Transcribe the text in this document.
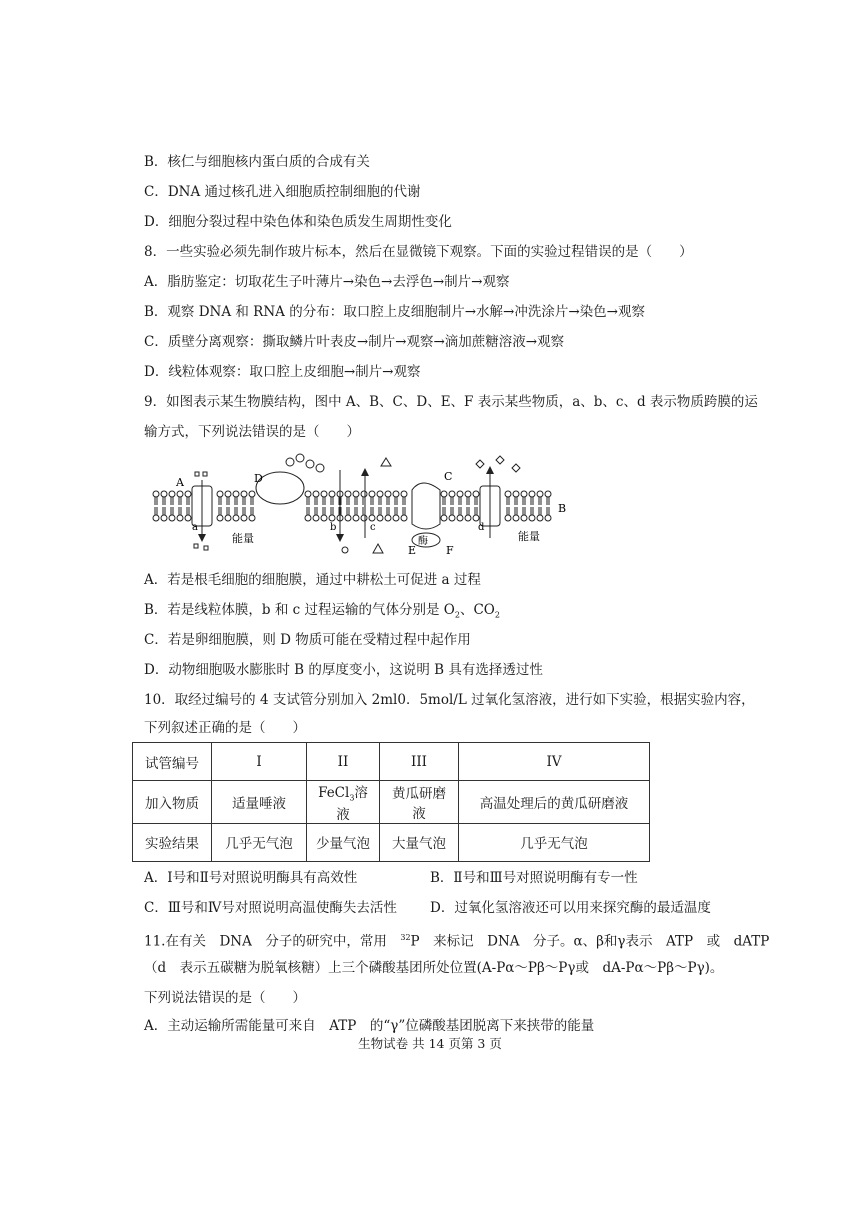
B．核仁与细胞核内蛋白质的合成有关
C．DNA 通过核孔进入细胞质控制细胞的代谢
D．细胞分裂过程中染色体和染色质发生周期性变化
8．一些实验必须先制作玻片标本，然后在显微镜下观察。下面的实验过程错误的是（　　）
A．脂肪鉴定：切取花生子叶薄片→染色→去浮色→制片→观察
B．观察 DNA 和 RNA 的分布：取口腔上皮细胞制片→水解→冲洗涂片→染色→观察
C．质壁分离观察：撕取鳞片叶表皮→制片→观察→滴加蔗糖溶液→观察
D．线粒体观察：取口腔上皮细胞→制片→观察
9．如图表示某生物膜结构，图中 A、B、C、D、E、F 表示某些物质，a、b、c、d 表示物质跨膜的运
输方式，下列说法错误的是（　　）
A	D	C
B
E	F
a	b	c	d
酶
能量	能量
A．若是根毛细胞的细胞膜，通过中耕松土可促进 a 过程
B．若是线粒体膜，b 和 c 过程运输的气体分别是 $O_2$、$CO_2$
C．若是卵细胞膜，则 D 物质可能在受精过程中起作用
D．动物细胞吸水膨胀时 B 的厚度变小，这说明 B 具有选择透过性
10．取经过编号的 4 支试管分别加入 2ml0．5mol/L 过氧化氢溶液，进行如下实验，根据实验内容，
下列叙述正确的是（　　）
试管编号	I	II	III	IV
加入物质	适量唾液	FeCl$_3$溶液	黄瓜研磨液	高温处理后的黄瓜研磨液
实验结果	几乎无气泡	少量气泡	大量气泡	几乎无气泡
A．Ⅰ号和Ⅱ号对照说明酶具有高效性	B．Ⅱ号和Ⅲ号对照说明酶有专一性
C．Ⅲ号和Ⅳ号对照说明高温使酶失去活性 D．过氧化氢溶液还可以用来探究酶的最适温度
11.在有关　DNA　分子的研究中，常用　$^{32}$P　来标记　DNA　分子。α、β和γ表示　ATP　或　dATP
（d　表示五碳糖为脱氧核糖）上三个磷酸基团所处位置(A-Pα～Pβ～Pγ或　dA-Pα～Pβ～Pγ)。
下列说法错误的是（　　）
A．主动运输所需能量可来自　ATP　的“γ”位磷酸基团脱离下来挟带的能量
生物试卷 共 14 页第 3 页
